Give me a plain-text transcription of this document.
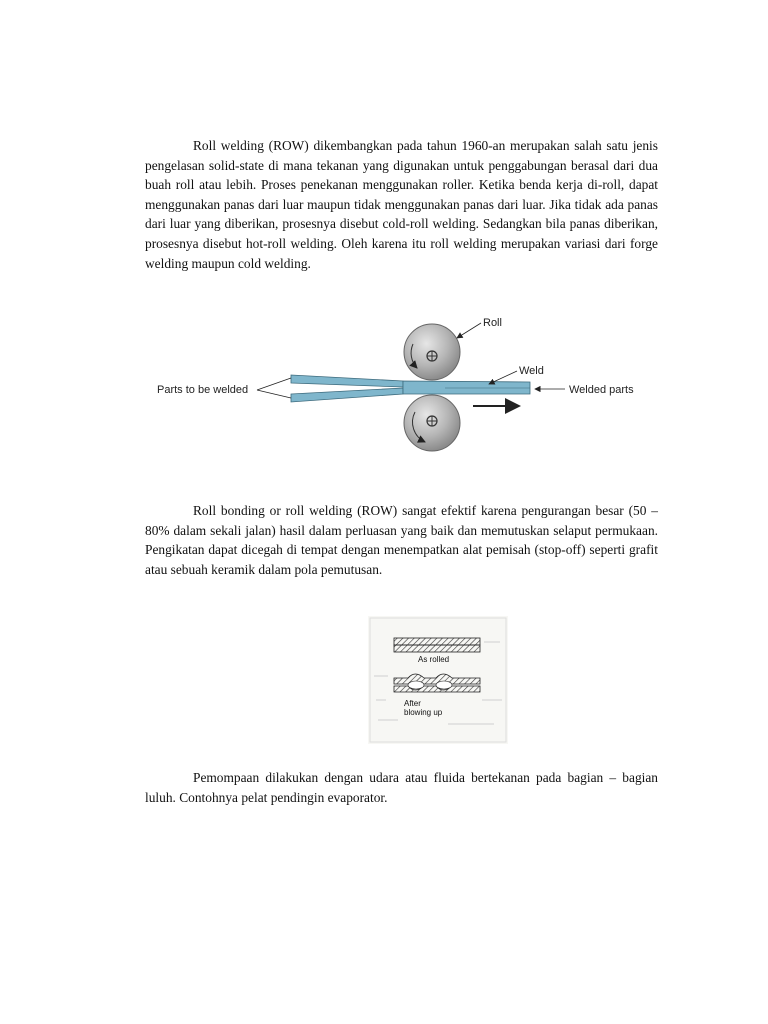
Roll welding (ROW) dikembangkan pada tahun 1960-an merupakan salah satu jenis pengelasan solid-state di mana tekanan yang digunakan untuk penggabungan berasal dari dua buah roll atau lebih. Proses penekanan menggunakan roller. Ketika benda kerja di-roll, dapat menggunakan panas dari luar maupun tidak menggunakan panas dari luar. Jika tidak ada panas dari luar yang diberikan, prosesnya disebut cold-roll welding. Sedangkan bila panas diberikan, prosesnya disebut hot-roll welding. Oleh karena itu roll welding merupakan variasi dari forge welding maupun cold welding.

Roll
Weld
Parts to be welded	Welded parts

Roll bonding or roll welding (ROW) sangat efektif karena pengurangan besar (50 – 80% dalam sekali jalan) hasil dalam perluasan yang baik dan memutuskan selaput permukaan. Pengikatan dapat dicegah di tempat dengan menempatkan alat pemisah (stop-off) seperti grafit atau sebuah keramik dalam pola pemutusan.

As rolled
After
blowing up

Pemompaan dilakukan dengan udara atau fluida bertekanan pada bagian – bagian luluh. Contohnya pelat pendingin evaporator.
